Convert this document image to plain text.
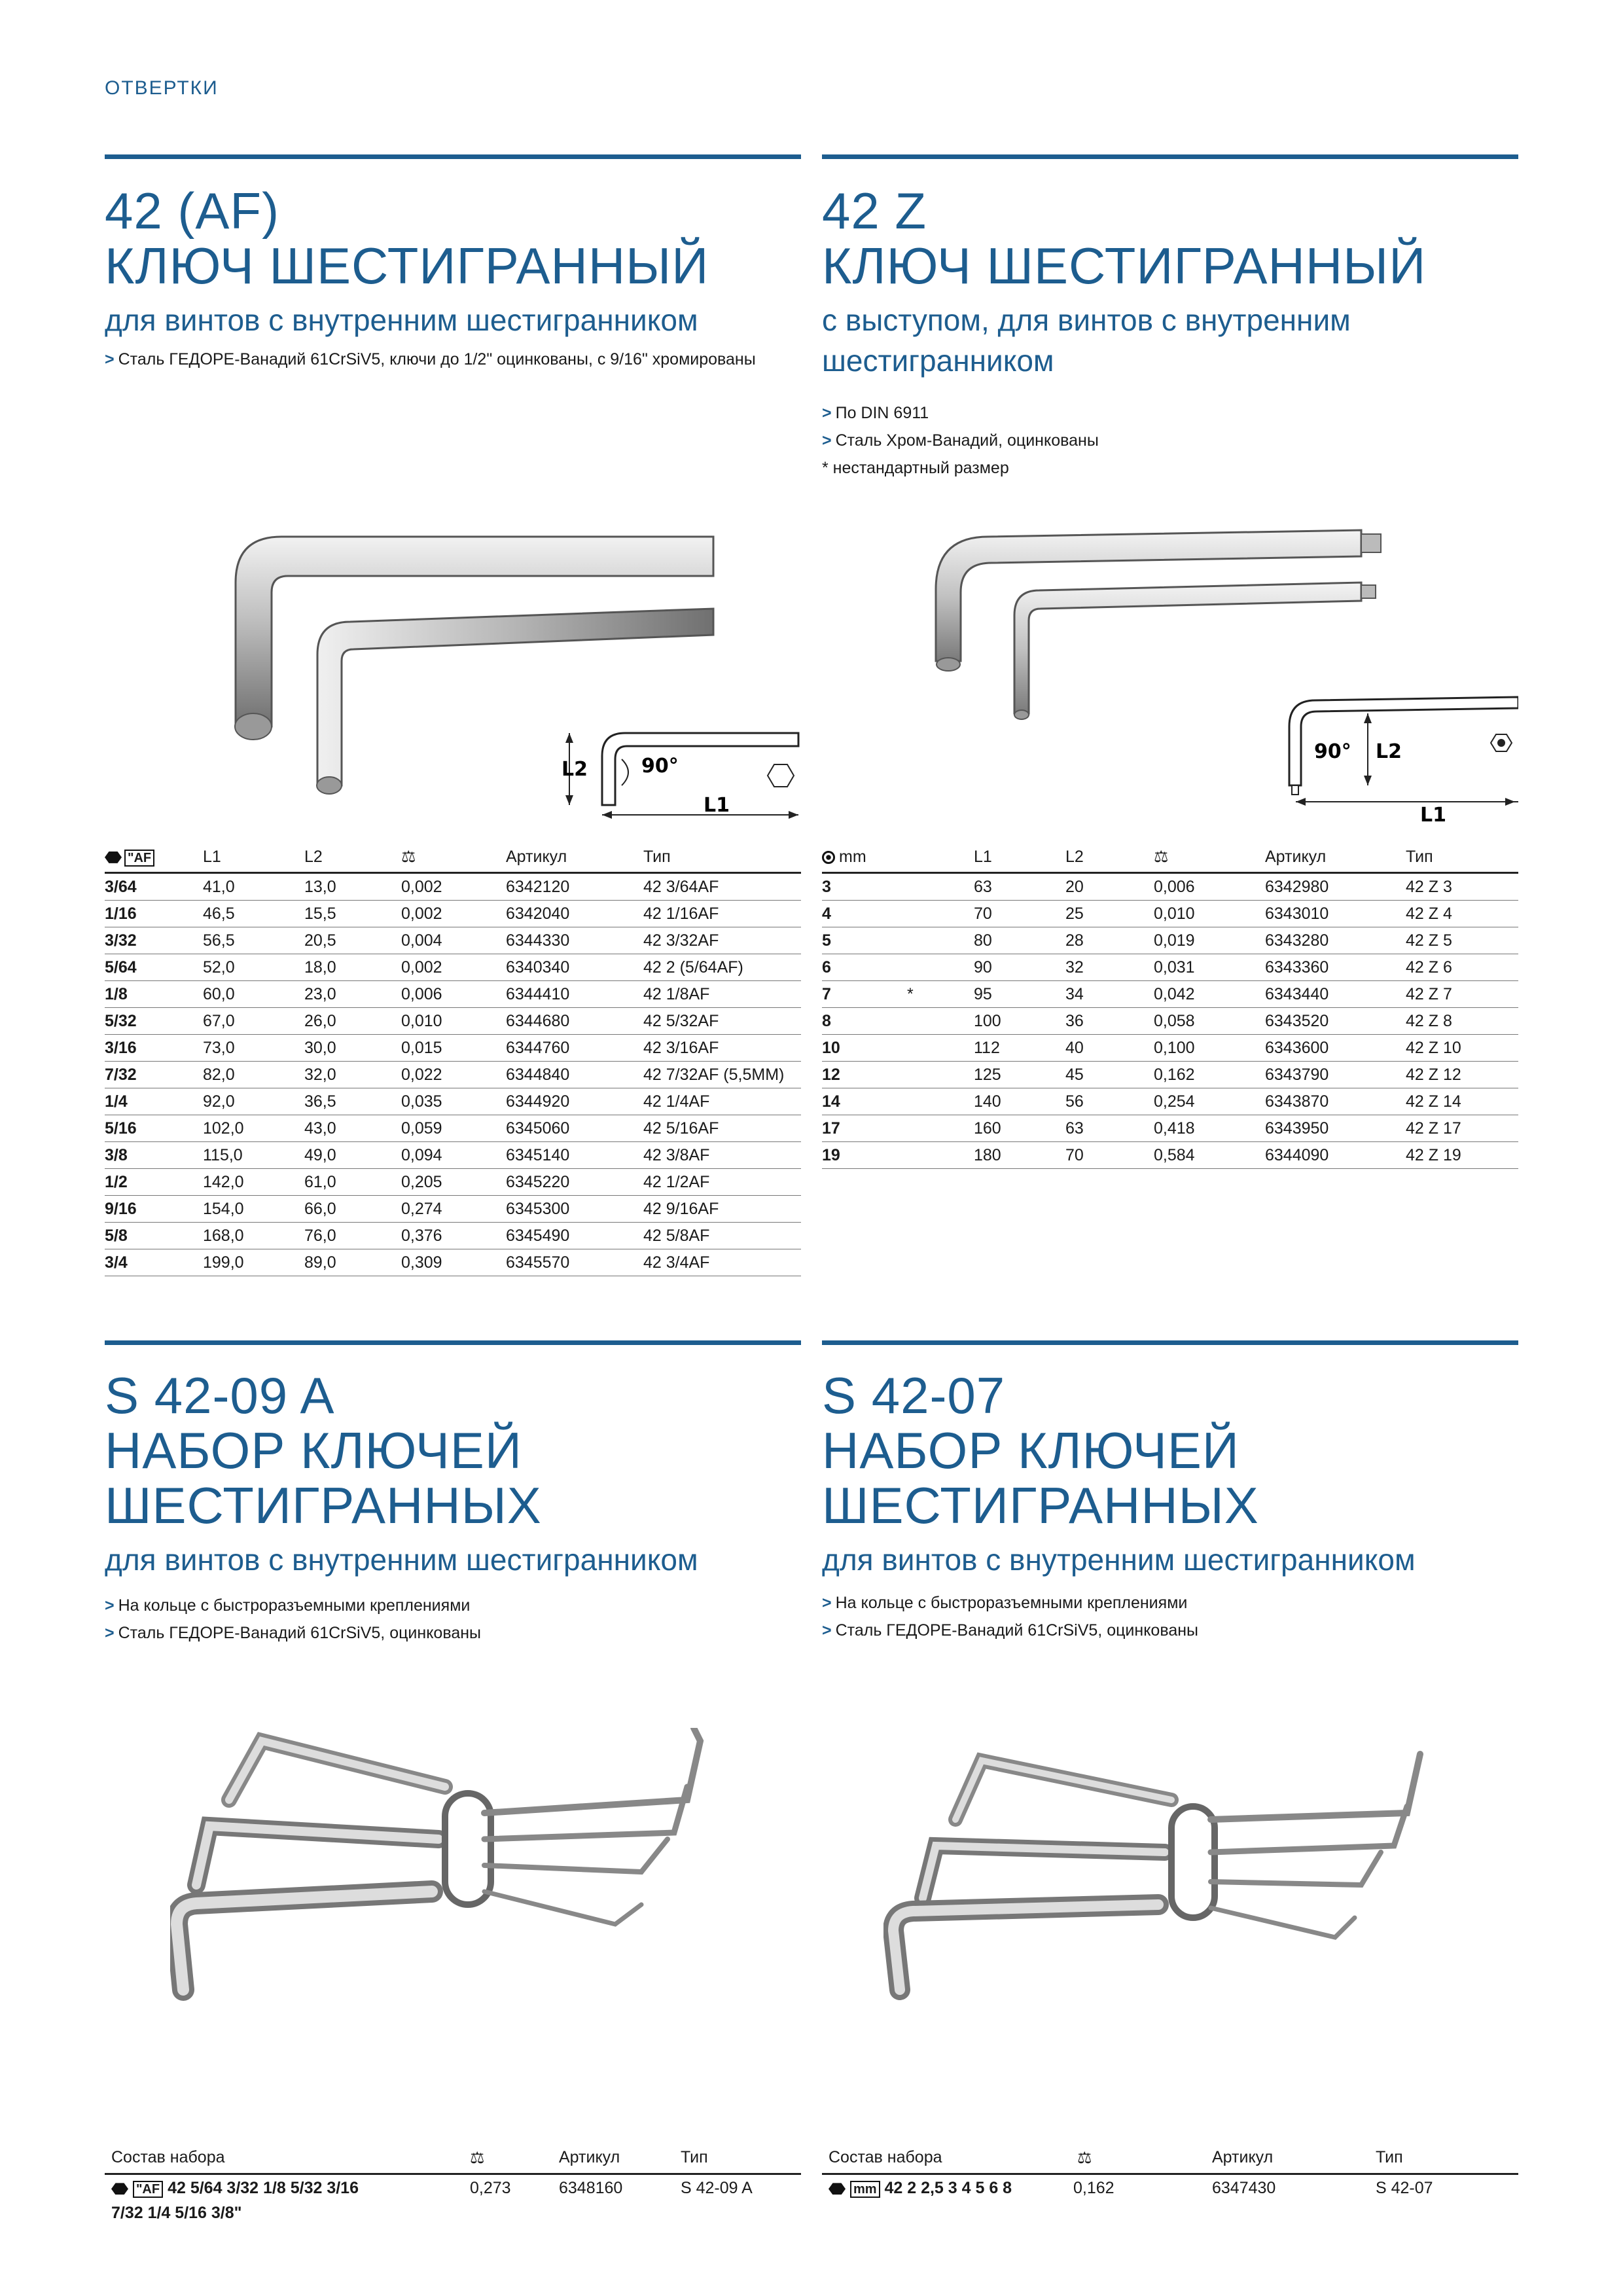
ОТВЕРТКИ
42 (AF)
КЛЮЧ ШЕСТИГРАННЫЙ
для винтов с внутренним шестигранником
> Сталь ГЕДОРЕ-Ванадий 61CrSiV5, ключи до 1/2" оцинкованы, с 9/16" хромированы
L2	90°
L1
"AF	L1	L2	⚖	Артикул	Тип
3/64	41,0	13,0	0,002	6342120	42 3/64AF
1/16	46,5	15,5	0,002	6342040	42 1/16AF
3/32	56,5	20,5	0,004	6344330	42 3/32AF
5/64	52,0	18,0	0,002	6340340	42 2 (5/64AF)
1/8	60,0	23,0	0,006	6344410	42 1/8AF
5/32	67,0	26,0	0,010	6344680	42 5/32AF
3/16	73,0	30,0	0,015	6344760	42 3/16AF
7/32	82,0	32,0	0,022	6344840	42 7/32AF (5,5MM)
1/4	92,0	36,5	0,035	6344920	42 1/4AF
5/16	102,0	43,0	0,059	6345060	42 5/16AF
3/8	115,0	49,0	0,094	6345140	42 3/8AF
1/2	142,0	61,0	0,205	6345220	42 1/2AF
9/16	154,0	66,0	0,274	6345300	42 9/16AF
5/8	168,0	76,0	0,376	6345490	42 5/8AF
3/4	199,0	89,0	0,309	6345570	42 3/4AF
42 Z
КЛЮЧ ШЕСТИГРАННЫЙ
с выступом, для винтов с внутренним
шестигранником
> По DIN 6911
> Сталь Хром-Ванадий, оцинкованы
* нестандартный размер
90° L2
L1
mm		L1	L2	⚖	Артикул	Тип
3		63	20	0,006	6342980	42 Z 3
4		70	25	0,010	6343010	42 Z 4
5		80	28	0,019	6343280	42 Z 5
6		90	32	0,031	6343360	42 Z 6
7	*	95	34	0,042	6343440	42 Z 7
8		100	36	0,058	6343520	42 Z 8
10		112	40	0,100	6343600	42 Z 10
12		125	45	0,162	6343790	42 Z 12
14		140	56	0,254	6343870	42 Z 14
17		160	63	0,418	6343950	42 Z 17
19		180	70	0,584	6344090	42 Z 19
S 42-09 A
НАБОР КЛЮЧЕЙ
ШЕСТИГРАННЫХ
для винтов с внутренним шестигранником
> На кольце с быстроразъемными креплениями
> Сталь ГЕДОРЕ-Ванадий 61CrSiV5, оцинкованы
Состав набора	⚖	Артикул	Тип
"AF 42 5/64 3/32 1/8 5/32 3/16
7/32 1/4 5/16 3/8"
0,273	6348160	S 42-09 A
S 42-07
НАБОР КЛЮЧЕЙ
ШЕСТИГРАННЫХ
для винтов с внутренним шестигранником
> На кольце с быстроразъемными креплениями
> Сталь ГЕДОРЕ-Ванадий 61CrSiV5, оцинкованы
Состав набора	⚖	Артикул	Тип
mm 42 2 2,5 3 4 5 6 8	0,162	6347430	S 42-07
